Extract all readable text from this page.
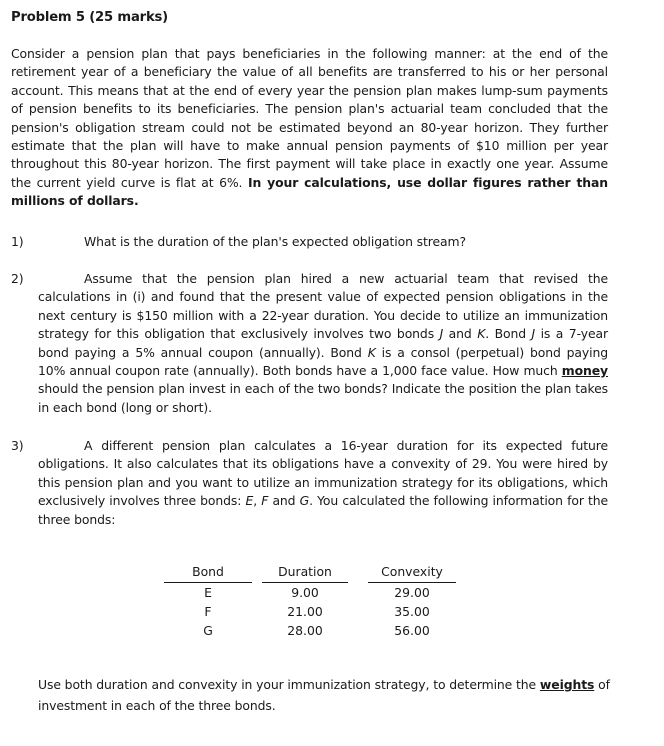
Problem 5 (25 marks)
Consider a pension plan that pays beneficiaries in the following manner: at the end of the retirement year of a beneficiary the value of all benefits are transferred to his or her personal account. This means that at the end of every year the pension plan makes lump-sum payments of pension benefits to its beneficiaries. The pension plan's actuarial team concluded that the pension's obligation stream could not be estimated beyond an 80-year horizon. They further estimate that the plan will have to make annual pension payments of $10 million per year throughout this 80-year horizon. The first payment will take place in exactly one year. Assume the current yield curve is flat at 6%. In your calculations, use dollar figures rather than millions of dollars.
1)	What is the duration of the plan's expected obligation stream?
2)	Assume that the pension plan hired a new actuarial team that revised the calculations in (i) and found that the present value of expected pension obligations in the next century is $150 million with a 22-year duration. You decide to utilize an immunization strategy for this obligation that exclusively involves two bonds J and K. Bond J is a 7-year bond paying a 5% annual coupon (annually). Bond K is a consol (perpetual) bond paying 10% annual coupon rate (annually). Both bonds have a 1,000 face value. How much money should the pension plan invest in each of the two bonds? Indicate the position the plan takes in each bond (long or short).
3)	A different pension plan calculates a 16-year duration for its expected future obligations. It also calculates that its obligations have a convexity of 29. You were hired by this pension plan and you want to utilize an immunization strategy for its obligations, which exclusively involves three bonds: E, F and G. You calculated the following information for the three bonds:
Bond		Duration		Convexity
E		9.00		29.00
F		21.00		35.00
G		28.00		56.00
Use both duration and convexity in your immunization strategy, to determine the weights of investment in each of the three bonds.
